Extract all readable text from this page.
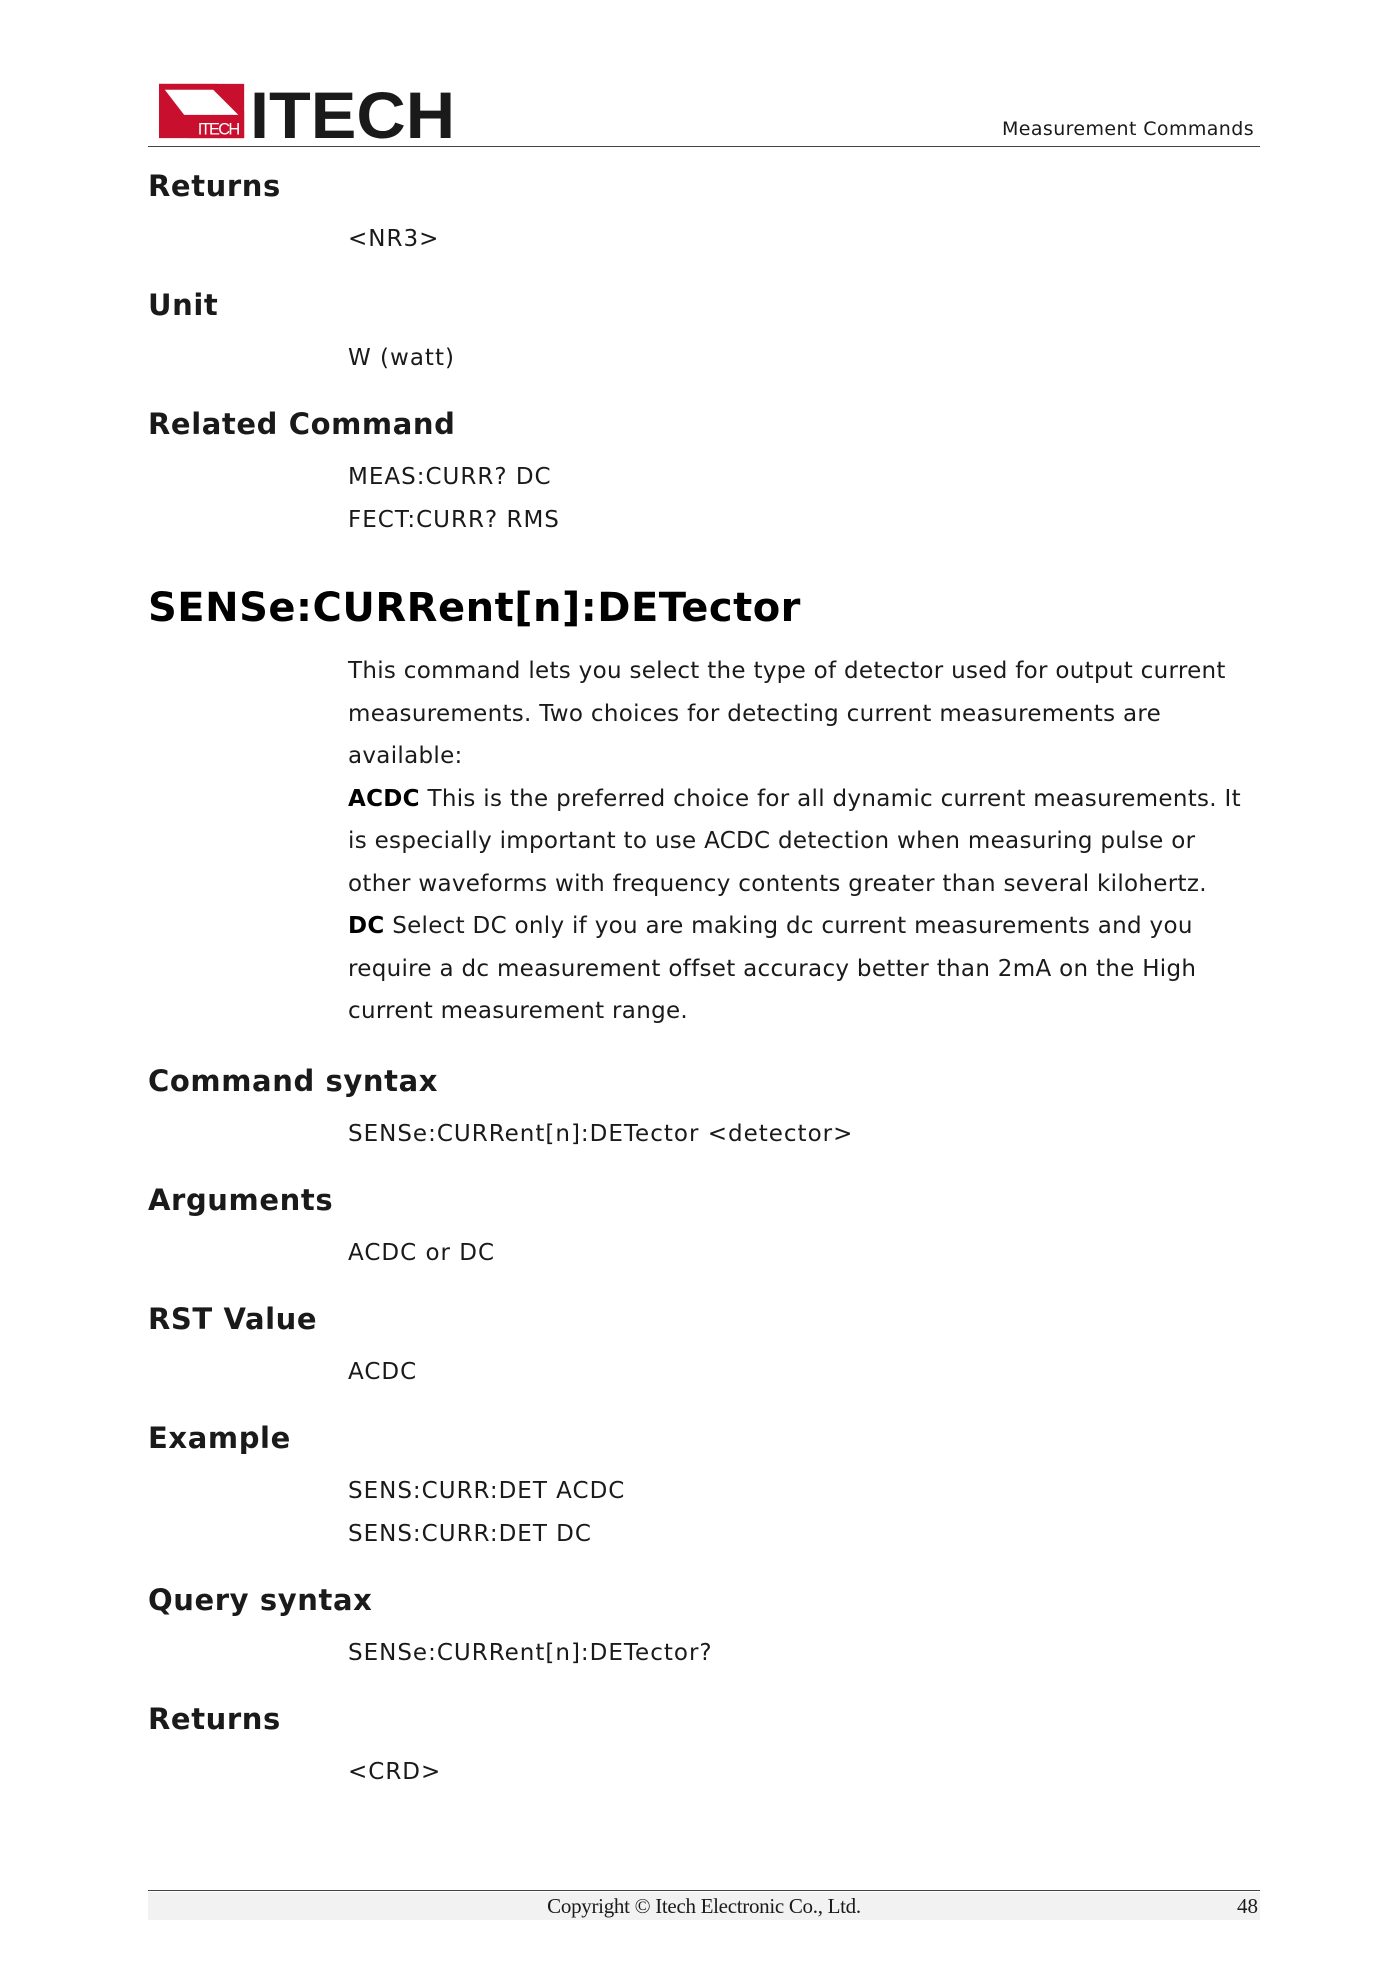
ITECH ITECH	Measurement Commands
Returns
<NR3>
Unit
W (watt)
Related Command
MEAS:CURR? DC
FECT:CURR? RMS
SENSe:CURRent[n]:DETector

This command lets you select the type of detector used for output current measurements. Two choices for detecting current measurements are available:

ACDC This is the preferred choice for all dynamic current measurements. It is especially important to use ACDC detection when measuring pulse or other waveforms with frequency contents greater than several kilohertz.

DC Select DC only if you are making dc current measurements and you require a dc measurement offset accuracy better than 2mA on the High current measurement range.

Command syntax
SENSe:CURRent[n]:DETector <detector>
Arguments
ACDC or DC
RST Value
ACDC
Example
SENS:CURR:DET ACDC
SENS:CURR:DET DC
Query syntax
SENSe:CURRent[n]:DETector?
Returns
<CRD>
Copyright © Itech Electronic Co., Ltd.	48
